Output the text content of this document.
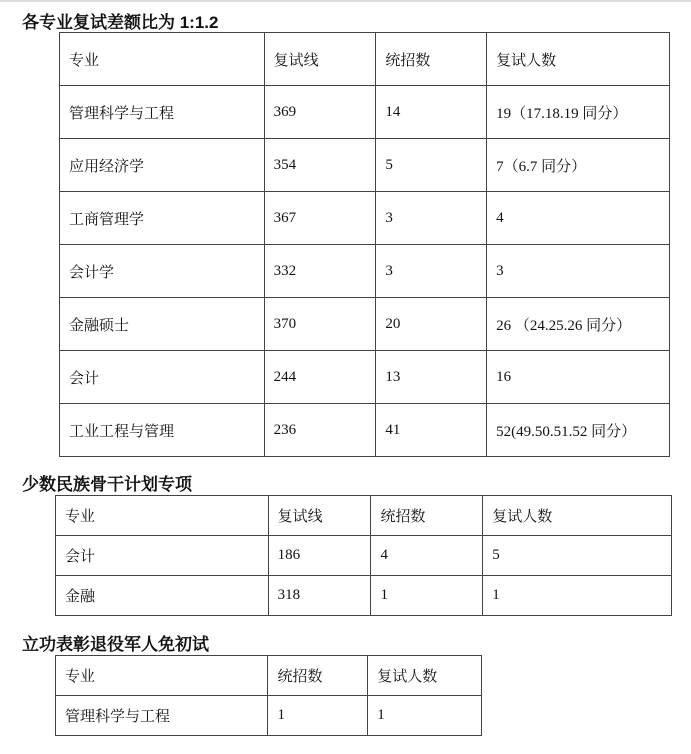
各专业复试差额比为 1:1.2
专业	复试线	统招数	复试人数
管理科学与工程	369	14	19（17.18.19 同分）
应用经济学	354	5	7（6.7 同分）
工商管理学	367	3	4
会计学	332	3	3
金融硕士	370	20	26 （24.25.26 同分）
会计	244	13	16
工业工程与管理	236	41	52(49.50.51.52 同分）
少数民族骨干计划专项
专业	复试线	统招数	复试人数
会计	186	4	5
金融	318	1	1
立功表彰退役军人免初试
专业	统招数	复试人数
管理科学与工程	1	1
